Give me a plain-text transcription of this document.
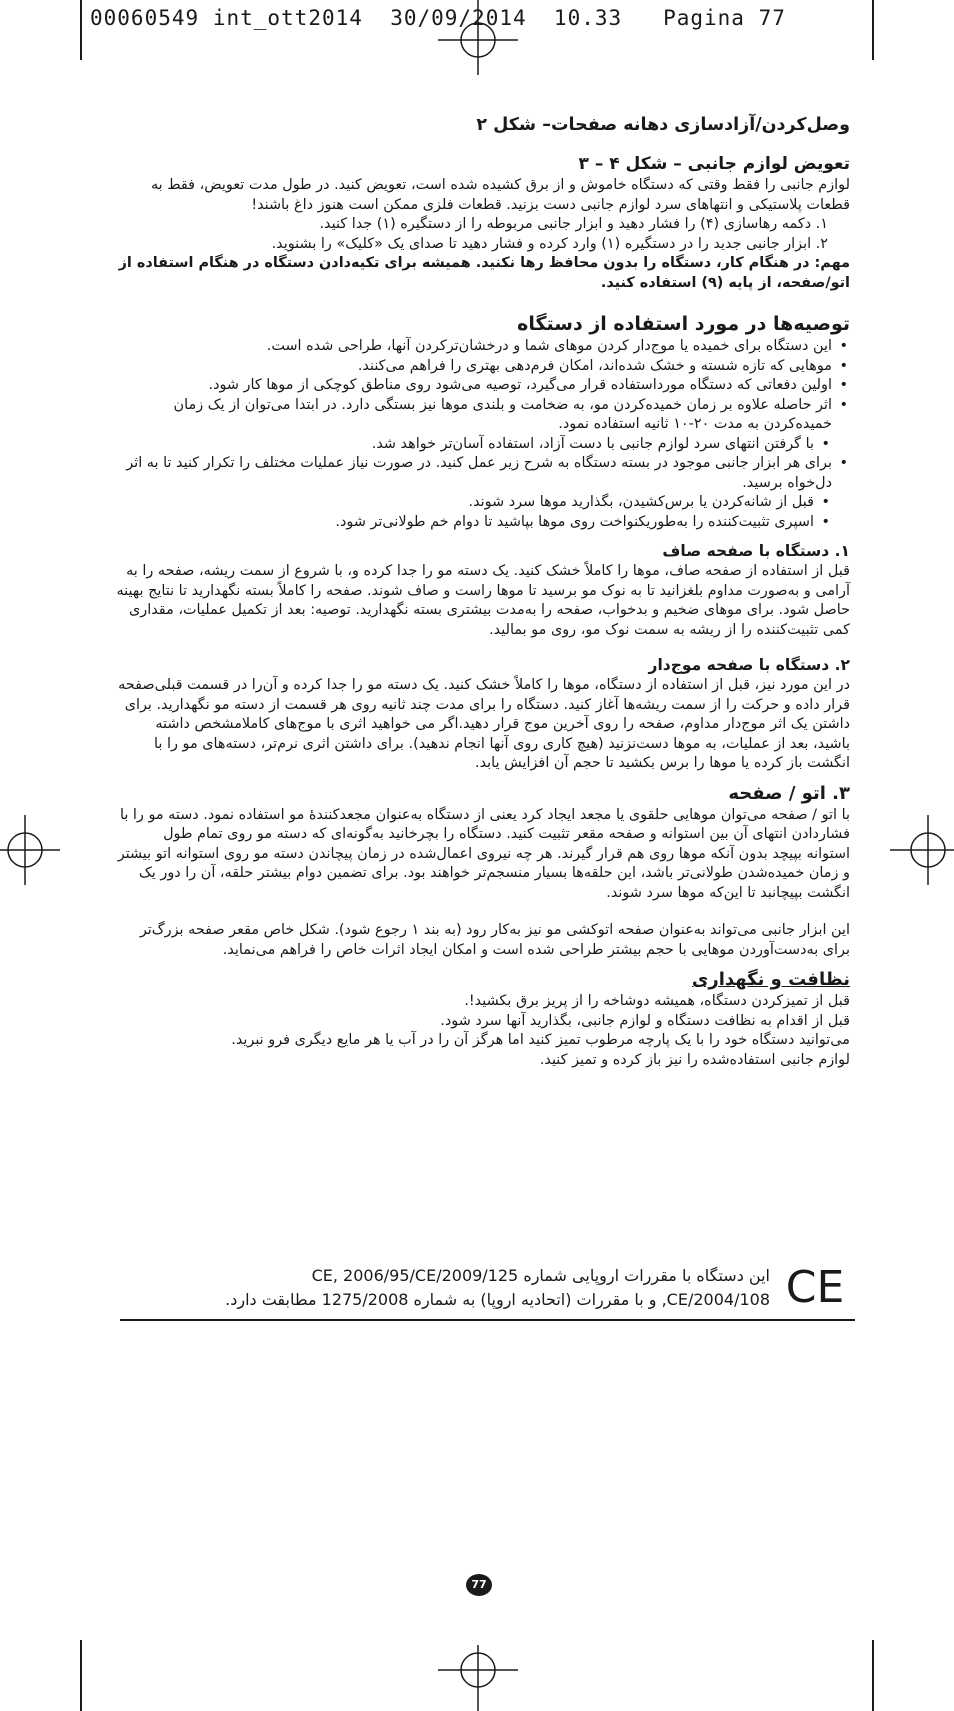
00060549 int_ott2014 30/09/2014 10.33 Pagina 77

وصل‌کردن/آزادسازی دهانه صفحات– شکل ۲

تعویض لوازم جانبی – شکل ۴ – ۳

لوازم جانبی را فقط وقتی که دستگاه خاموش و از برق کشیده شده است، تعویض کنید. در طول مدت تعویض، فقط به قطعات پلاستیکی و انتهاهای سرد لوازم جانبی دست بزنید. قطعات فلزی ممکن است هنوز داغ باشند!

۱. دکمه رهاسازی (۴) را فشار دهید و ابزار جانبی مربوطه را از دستگیره (۱) جدا کنید.
۲. ابزار جانبی جدید را در دستگیره (۱) وارد کرده و فشار دهید تا صدای یک «کلیک» را بشنوید.

مهم: در هنگام کار، دستگاه را بدون محافظ رها نکنید. همیشه برای تکیه‌دادن دستگاه در هنگام استفاده از اتو/صفحه، از پایه (۹) استفاده کنید.

توصیه‌ها در مورد استفاده از دستگاه

• این دستگاه برای خمیده یا موج‌دار کردن موهای شما و درخشان‌ترکردن آنها، طراحی شده است.
• موهایی که تازه شسته و خشک شده‌اند، امکان فرم‌دهی بهتری را فراهم می‌کنند.
• اولین دفعاتی که دستگاه مورداستفاده قرار می‌گیرد، توصیه می‌شود روی مناطق کوچکی از موها کار شود.
• اثر حاصله علاوه بر زمان خمیده‌کردن مو، به ضخامت و بلندی موها نیز بستگی دارد. در ابتدا می‌توان از یک زمان خمیده‌کردن به مدت ۲۰-۱۰ ثانیه استفاده نمود.
• با گرفتن انتهای سرد لوازم جانبی با دست آزاد، استفاده آسان‌تر خواهد شد.
• برای هر ابزار جانبی موجود در بسته دستگاه به شرح زیر عمل کنید. در صورت نیاز عملیات مختلف را تکرار کنید تا به اثر دل‌خواه برسید.
• قبل از شانه‌کردن یا برس‌کشیدن، بگذارید موها سرد شوند.
• اسپری تثبیت‌کننده را به‌طوریکنواخت روی موها بپاشید تا دوام خم طولانی‌تر شود.

۱. دستگاه با صفحه صاف

قبل از استفاده از صفحه صاف، موها را کاملاً خشک کنید. یک دسته مو را جدا کرده و، با شروع از سمت ریشه، صفحه را به آرامی و به‌صورت مداوم بلغزانید تا به نوک مو برسید تا موها راست و صاف شوند. صفحه را کاملاً بسته نگهدارید تا نتایج بهینه حاصل شود. برای موهای ضخیم و بدخواب، صفحه را به‌مدت بیشتری بسته نگهدارید. توصیه: بعد از تکمیل عملیات، مقداری کمی تثبیت‌کننده را از ریشه به سمت نوک مو، روی مو بمالید.

۲. دستگاه با صفحه موج‌دار

در این مورد نیز، قبل از استفاده از دستگاه، موها را کاملاً خشک کنید. یک دسته مو را جدا کرده و آن‌را در قسمت قبلی‌صفحه قرار داده و حرکت را از سمت ریشه‌ها آغاز کنید. دستگاه را برای مدت چند ثانیه روی هر قسمت از دسته مو نگهدارید. برای داشتن یک اثر موج‌دار مداوم، صفحه را روی آخرین موج قرار دهید.اگر می خواهید اثری با موج‌های کاملامشخص داشته باشید، بعد از عملیات، به موها دست‌نزنید (هیچ کاری روی آنها انجام ندهید). برای داشتن اثری نرم‌تر، دسته‌های مو را با انگشت باز کرده یا موها را برس بکشید تا حجم آن افزایش یابد.

۳. اتو / صفحه

با اتو / صفحه می‌توان موهایی حلقوی یا مجعد ایجاد کرد یعنی از دستگاه به‌عنوان مجعدکنندهٔ مو استفاده نمود. دسته مو را با فشاردادن انتهای آن بین استوانه و صفحه مقعر تثبیت کنید. دستگاه را بچرخانید به‌گونه‌ای که دسته مو روی تمام طول استوانه بپیچد بدون آنکه موها روی هم قرار گیرند. هر چه نیروی اعمال‌شده در زمان پیچاندن دسته مو روی استوانه اتو بیشتر و زمان خمیده‌شدن طولانی‌تر باشد، این حلقه‌ها بسیار منسجم‌تر خواهند بود. برای تضمین دوام بیشتر حلقه، آن را دور یک انگشت بپیچانبد تا این‌که موها سرد شوند.

این ابزار جانبی می‌تواند به‌عنوان صفحه اتوکشی مو نیز به‌کار رود (به بند ۱ رجوع شود). شکل خاص مقعر صفحه بزرگ‌تر برای به‌دست‌آوردن موهایی با حجم بیشتر طراحی شده است و امکان ایجاد اثرات خاص را فراهم می‌نماید.

نظافت و نگهداری

قبل از تمیزکردن دستگاه، همیشه دوشاخه را از پریز برق بکشید!.

قبل از اقدام به نظافت دستگاه و لوازم جانبی، بگذارید آنها سرد شود.

می‌توانید دستگاه خود را با یک پارچه مرطوب تمیز کنید اما هرگز آن را در آب یا هر مایع دیگری فرو نبرید.

لوازم جانبی استفاده‌شده را نیز باز کرده و تمیز کنید.

CE
این دستگاه با مقررات اروپایی شماره 2009/125/CE, 2006/95/CE
2004/108/CE, و با مقررات (اتحادیه اروپا) به شماره 1275/2008 مطابقت دارد.
77
